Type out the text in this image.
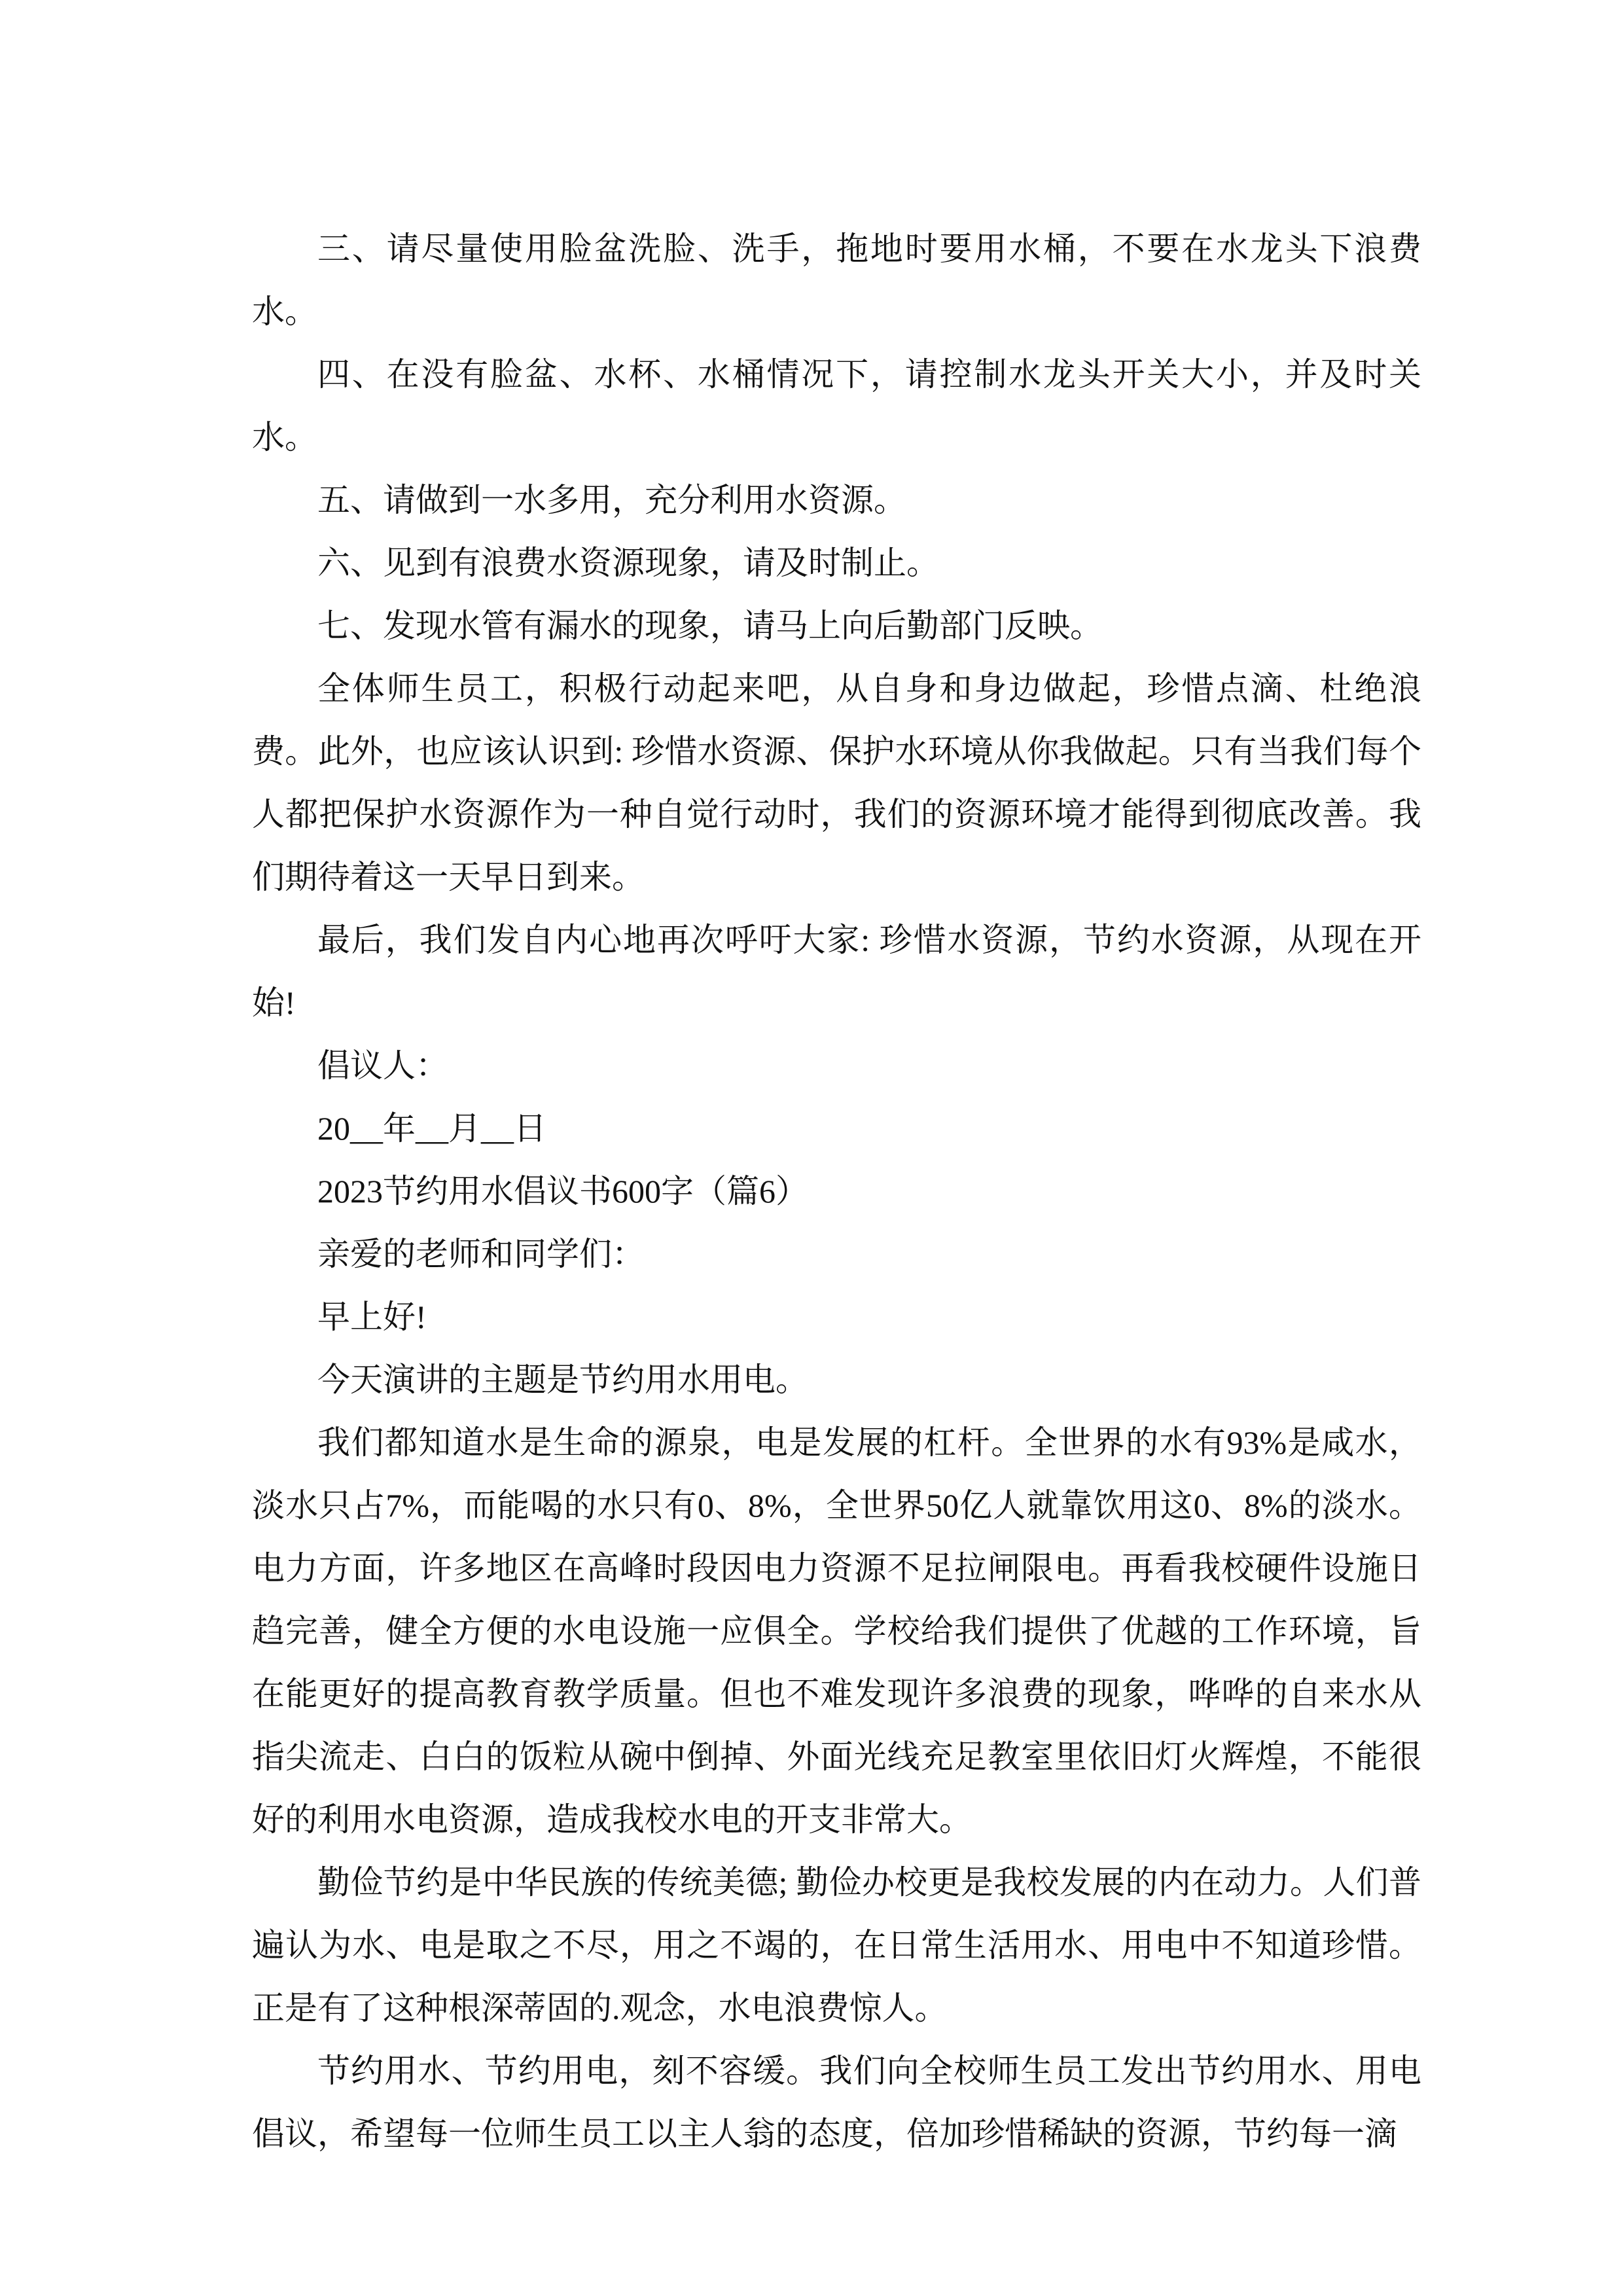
三、请尽量使用脸盆洗脸、洗手，拖地时要用水桶，不要在水龙头下浪费水。

四、在没有脸盆、水杯、水桶情况下，请控制水龙头开关大小，并及时关水。

五、请做到一水多用，充分利用水资源。

六、见到有浪费水资源现象，请及时制止。

七、发现水管有漏水的现象，请马上向后勤部门反映。

全体师生员工，积极行动起来吧，从自身和身边做起，珍惜点滴、杜绝浪费。此外，也应该认识到: 珍惜水资源、保护水环境从你我做起。只有当我们每个人都把保护水资源作为一种自觉行动时，我们的资源环境才能得到彻底改善。我们期待着这一天早日到来。

最后，我们发自内心地再次呼吁大家: 珍惜水资源，节约水资源，从现在开始!

倡议人：

20__年__月__日

2023节约用水倡议书600字（篇6）

亲爱的老师和同学们：

早上好!

今天演讲的主题是节约用水用电。

我们都知道水是生命的源泉，电是发展的杠杆。全世界的水有93%是咸水，淡水只占7%，而能喝的水只有0、8%，全世界50亿人就靠饮用这0、8%的淡水。电力方面，许多地区在高峰时段因电力资源不足拉闸限电。再看我校硬件设施日趋完善，健全方便的水电设施一应俱全。学校给我们提供了优越的工作环境，旨在能更好的提高教育教学质量。但也不难发现许多浪费的现象，哗哗的自来水从指尖流走、白白的饭粒从碗中倒掉、外面光线充足教室里依旧灯火辉煌，不能很好的利用水电资源，造成我校水电的开支非常大。

勤俭节约是中华民族的传统美德; 勤俭办校更是我校发展的内在动力。人们普遍认为水、电是取之不尽，用之不竭的，在日常生活用水、用电中不知道珍惜。正是有了这种根深蒂固的.观念，水电浪费惊人。

节约用水、节约用电，刻不容缓。我们向全校师生员工发出节约用水、用电倡议，希望每一位师生员工以主人翁的态度，倍加珍惜稀缺的资源，节约每一滴
